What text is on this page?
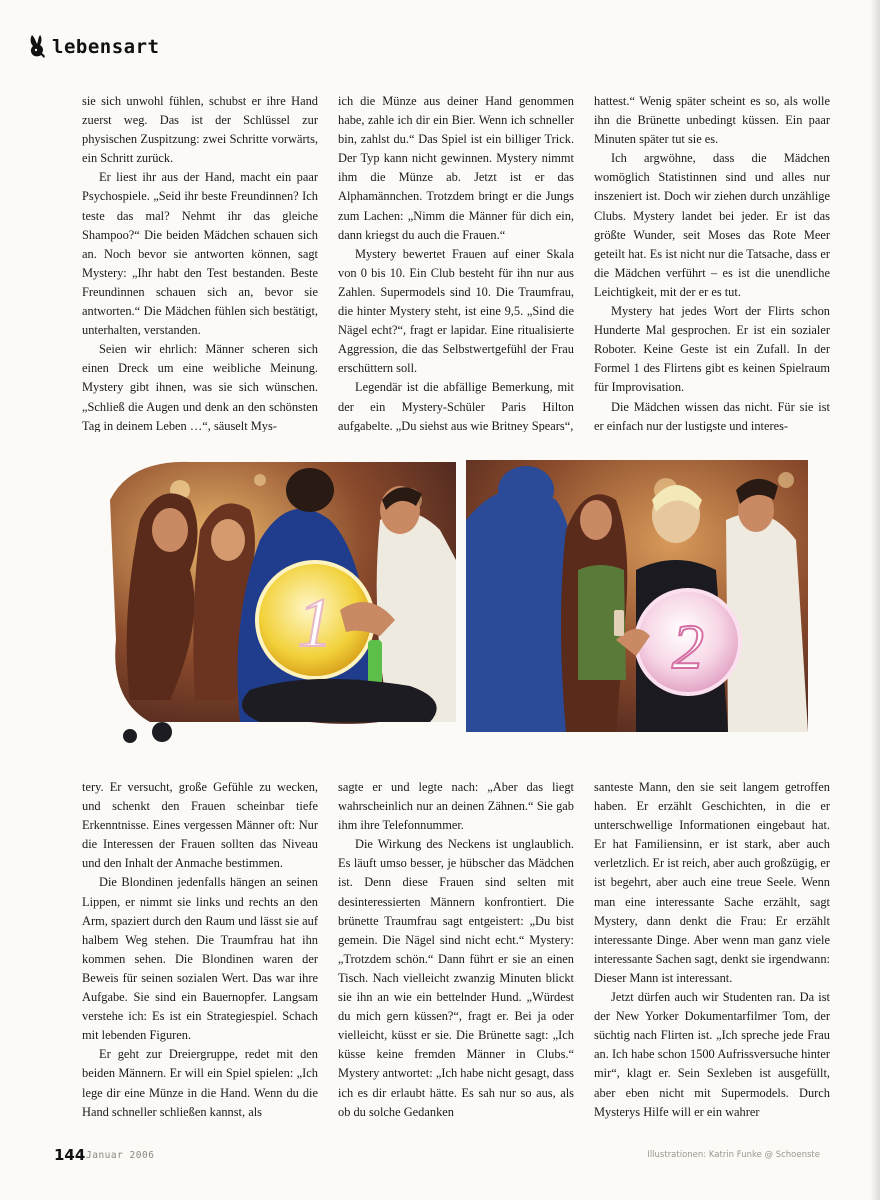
lebensart

sie sich unwohl fühlen, schubst er ihre Hand zuerst weg. Das ist der Schlüssel zur physischen Zuspitzung: zwei Schritte vorwärts, ein Schritt zurück.

Er liest ihr aus der Hand, macht ein paar Psychospiele. „Seid ihr beste Freundinnen? Ich teste das mal? Nehmt ihr das gleiche Shampoo?“ Die beiden Mädchen schauen sich an. Noch bevor sie antworten können, sagt Mystery: „Ihr habt den Test bestanden. Beste Freundinnen schauen sich an, bevor sie antworten.“ Die Mädchen fühlen sich bestätigt, unterhalten, verstanden.

Seien wir ehrlich: Männer scheren sich einen Dreck um eine weibliche Meinung. Mystery gibt ihnen, was sie sich wünschen. „Schließ die Augen und denk an den schönsten Tag in deinem Leben …“, säuselt Mys-

ich die Münze aus deiner Hand genommen habe, zahle ich dir ein Bier. Wenn ich schneller bin, zahlst du.“ Das Spiel ist ein billiger Trick. Der Typ kann nicht gewinnen. Mystery nimmt ihm die Münze ab. Jetzt ist er das Alphamännchen. Trotzdem bringt er die Jungs zum Lachen: „Nimm die Männer für dich ein, dann kriegst du auch die Frauen.“

Mystery bewertet Frauen auf einer Skala von 0 bis 10. Ein Club besteht für ihn nur aus Zahlen. Supermodels sind 10. Die Traumfrau, die hinter Mystery steht, ist eine 9,5. „Sind die Nägel echt?“, fragt er lapidar. Eine ritualisierte Aggression, die das Selbstwertgefühl der Frau erschüttern soll.

Legendär ist die abfällige Bemerkung, mit der ein Mystery-Schüler Paris Hilton aufgabelte. „Du siehst aus wie Britney Spears“,

hattest.“ Wenig später scheint es so, als wolle ihn die Brünette unbedingt küssen. Ein paar Minuten später tut sie es.

Ich argwöhne, dass die Mädchen womöglich Statistinnen sind und alles nur inszeniert ist. Doch wir ziehen durch unzählige Clubs. Mystery landet bei jeder. Er ist das größte Wunder, seit Moses das Rote Meer geteilt hat. Es ist nicht nur die Tatsache, dass er die Mädchen verführt – es ist die unendliche Leichtigkeit, mit der er es tut.

Mystery hat jedes Wort der Flirts schon Hunderte Mal gesprochen. Er ist ein sozialer Roboter. Keine Geste ist ein Zufall. In der Formel 1 des Flirtens gibt es keinen Spielraum für Improvisation.

Die Mädchen wissen das nicht. Für sie ist er einfach nur der lustigste und interes-

1	2

tery. Er versucht, große Gefühle zu wecken, und schenkt den Frauen scheinbar tiefe Erkenntnisse. Eines vergessen Männer oft: Nur die Interessen der Frauen sollten das Niveau und den Inhalt der Anmache bestimmen.

Die Blondinen jedenfalls hängen an seinen Lippen, er nimmt sie links und rechts an den Arm, spaziert durch den Raum und lässt sie auf halbem Weg stehen. Die Traumfrau hat ihn kommen sehen. Die Blondinen waren der Beweis für seinen sozialen Wert. Das war ihre Aufgabe. Sie sind ein Bauernopfer. Langsam verstehe ich: Es ist ein Strategiespiel. Schach mit lebenden Figuren.

Er geht zur Dreiergruppe, redet mit den beiden Männern. Er will ein Spiel spielen: „Ich lege dir eine Münze in die Hand. Wenn du die Hand schneller schließen kannst, als

sagte er und legte nach: „Aber das liegt wahrscheinlich nur an deinen Zähnen.“ Sie gab ihm ihre Telefonnummer.

Die Wirkung des Neckens ist unglaublich. Es läuft umso besser, je hübscher das Mädchen ist. Denn diese Frauen sind selten mit desinteressierten Männern konfrontiert. Die brünette Traumfrau sagt entgeistert: „Du bist gemein. Die Nägel sind nicht echt.“ Mystery: „Trotzdem schön.“ Dann führt er sie an einen Tisch. Nach vielleicht zwanzig Minuten blickt sie ihn an wie ein bettelnder Hund. „Würdest du mich gern küssen?“, fragt er. Bei ja oder vielleicht, küsst er sie. Die Brünette sagt: „Ich küsse keine fremden Männer in Clubs.“ Mystery antwortet: „Ich habe nicht gesagt, dass ich es dir erlaubt hätte. Es sah nur so aus, als ob du solche Gedanken

santeste Mann, den sie seit langem getroffen haben. Er erzählt Geschichten, in die er unterschwellige Informationen eingebaut hat. Er hat Familiensinn, er ist stark, aber auch verletzlich. Er ist reich, aber auch großzügig, er ist begehrt, aber auch eine treue Seele. Wenn man eine interessante Sache erzählt, sagt Mystery, dann denkt die Frau: Er erzählt interessante Dinge. Aber wenn man ganz viele interessante Sachen sagt, denkt sie irgendwann: Dieser Mann ist interessant.

Jetzt dürfen auch wir Studenten ran. Da ist der New Yorker Dokumentarfilmer Tom, der süchtig nach Flirten ist. „Ich spreche jede Frau an. Ich habe schon 1500 Aufrissversuche hinter mir“, klagt er. Sein Sexleben ist ausgefüllt, aber eben nicht mit Supermodels. Durch Mysterys Hilfe will er ein wahrer

144 Januar 2006	Illustrationen: Katrin Funke @ Schoenste
